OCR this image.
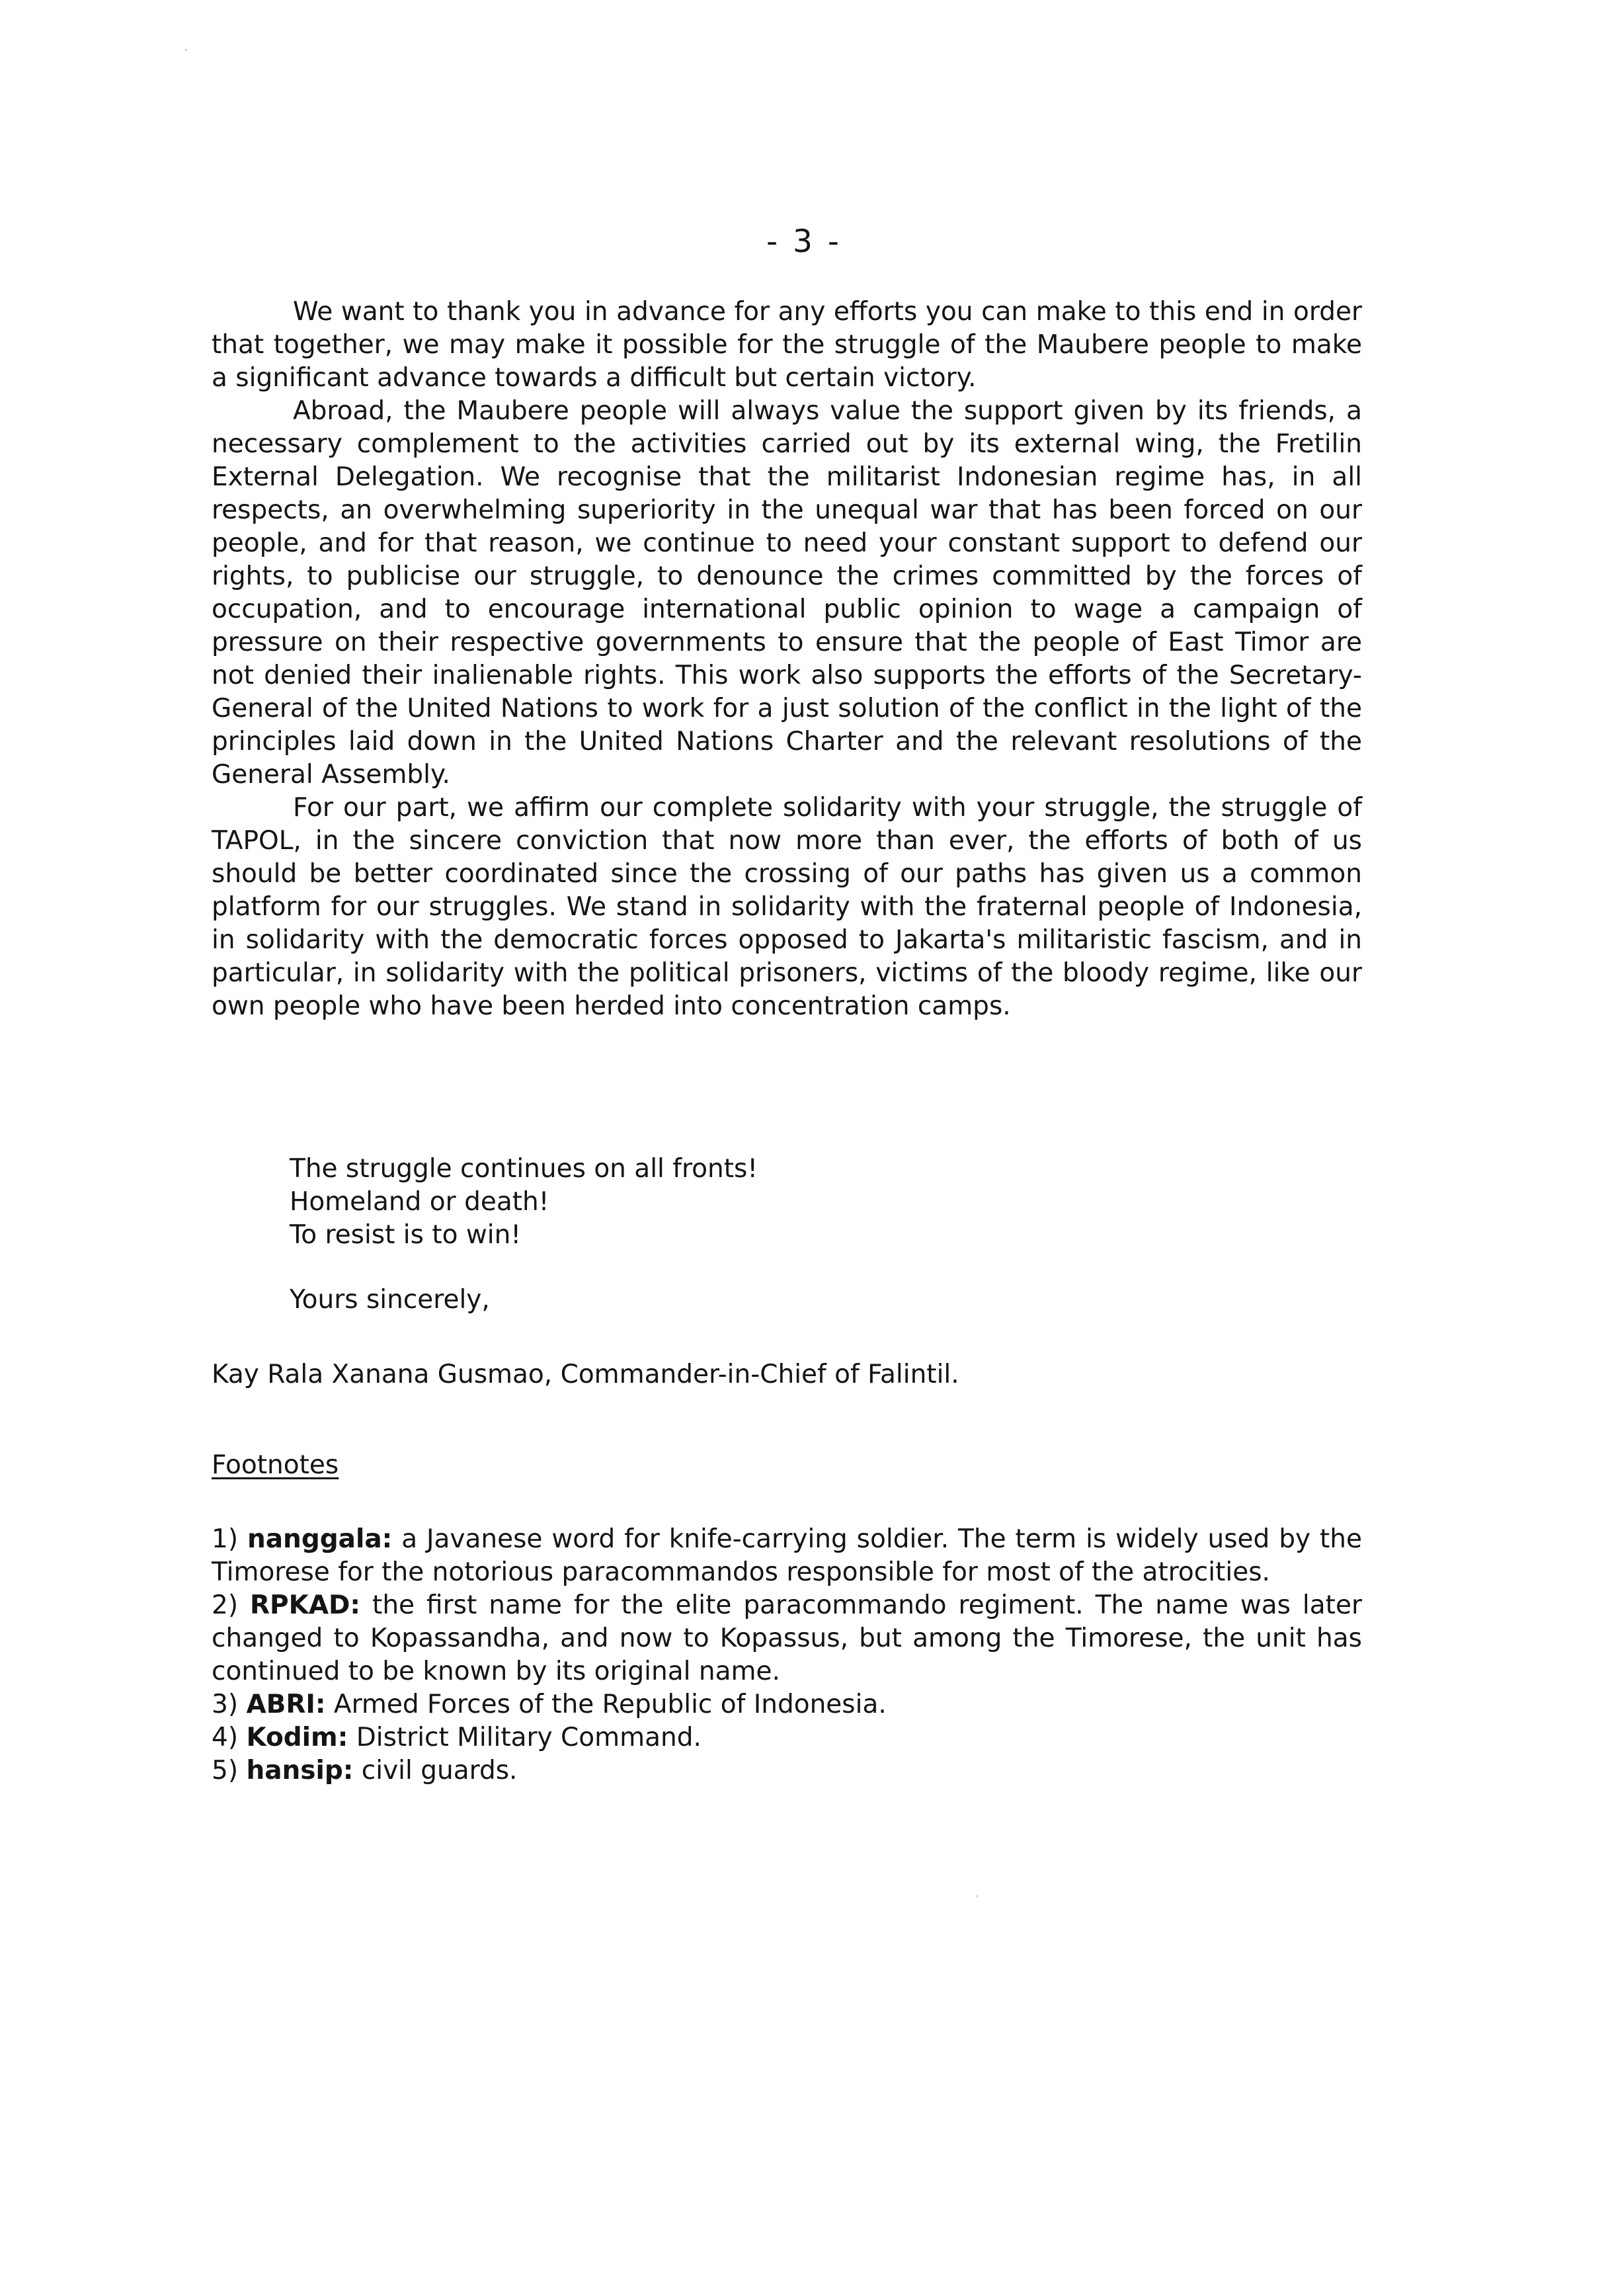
- 3 -

We want to thank you in advance for any efforts you can make to this end in order that together, we may make it possible for the struggle of the Maubere people to make a significant advance towards a difficult but certain victory.

Abroad, the Maubere people will always value the support given by its friends, a necessary complement to the activities carried out by its external wing, the Fretilin External Delegation. We recognise that the militarist Indonesian regime has, in all respects, an overwhelming superiority in the unequal war that has been forced on our people, and for that reason, we continue to need your constant support to defend our rights, to publicise our struggle, to denounce the crimes committed by the forces of occupation, and to encourage international public opinion to wage a campaign of pressure on their respective governments to ensure that the people of East Timor are not denied their inalienable rights. This work also supports the efforts of the Secretary-General of the United Nations to work for a just solution of the conflict in the light of the principles laid down in the United Nations Charter and the relevant resolutions of the General Assembly.

For our part, we affirm our complete solidarity with your struggle, the struggle of TAPOL, in the sincere conviction that now more than ever, the efforts of both of us should be better coordinated since the crossing of our paths has given us a common platform for our struggles. We stand in solidarity with the fraternal people of Indonesia, in solidarity with the democratic forces opposed to Jakarta's militaristic fascism, and in particular, in solidarity with the political prisoners, victims of the bloody regime, like our own people who have been herded into concentration camps.

The struggle continues on all fronts!
Homeland or death!
To resist is to win!
Yours sincerely,
Kay Rala Xanana Gusmao, Commander-in-Chief of Falintil.
Footnotes

1) nanggala: a Javanese word for knife-carrying soldier. The term is widely used by the Timorese for the notorious paracommandos responsible for most of the atrocities.

2) RPKAD: the first name for the elite paracommando regiment. The name was later changed to Kopassandha, and now to Kopassus, but among the Timorese, the unit has continued to be known by its original name.

3) ABRI: Armed Forces of the Republic of Indonesia.

4) Kodim: District Military Command.

5) hansip: civil guards.
